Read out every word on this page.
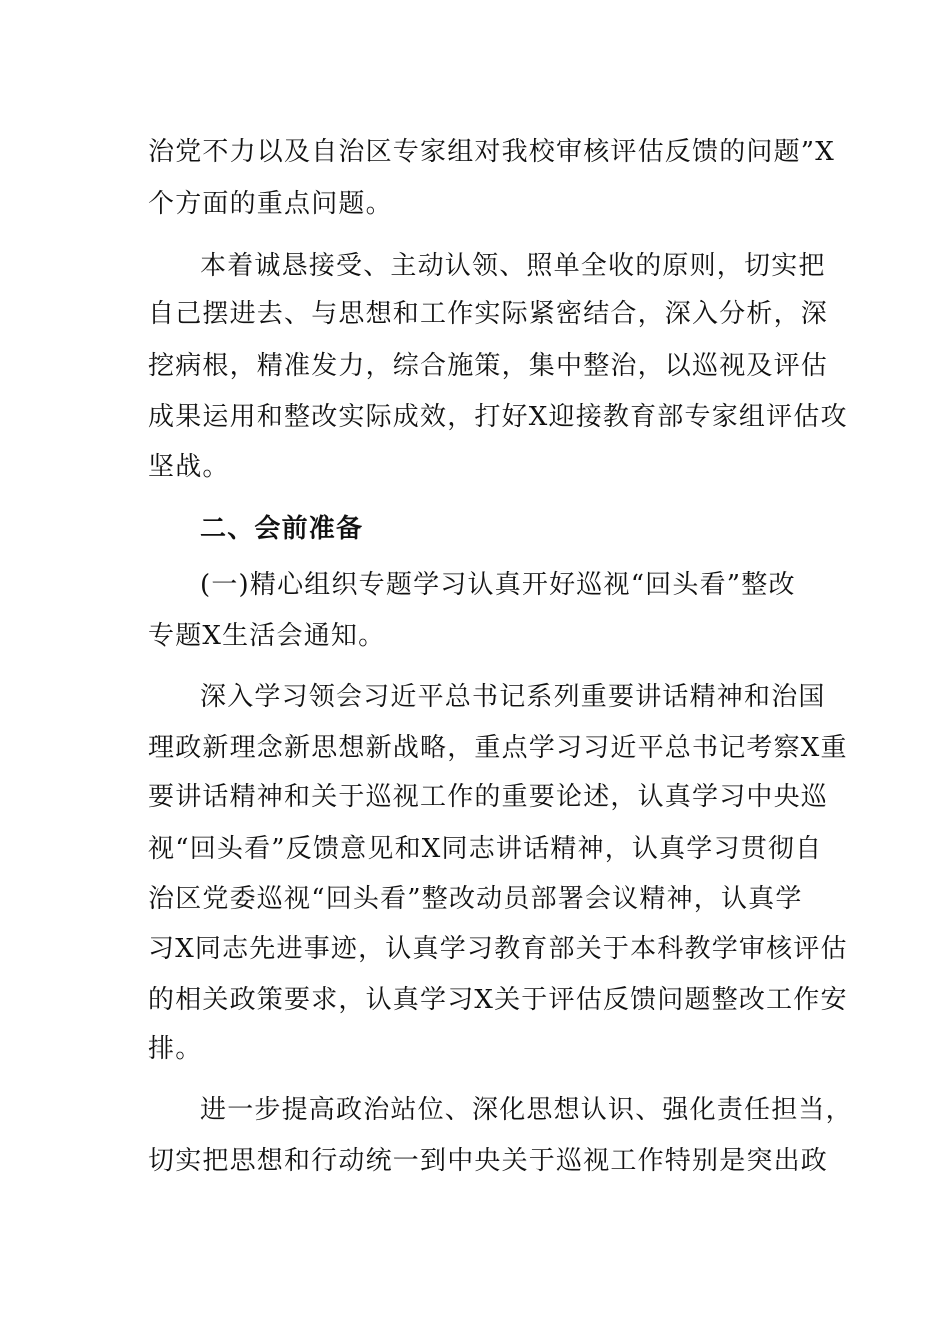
治党不力以及自治区专家组对我校审核评估反馈的问题”X
个方面的重点问题。
本着诚恳接受、主动认领、照单全收的原则，切实把
自己摆进去、与思想和工作实际紧密结合，深入分析，深
挖病根，精准发力，综合施策，集中整治，以巡视及评估
成果运用和整改实际成效，打好X迎接教育部专家组评估攻
坚战。
二、会前准备
(一)精心组织专题学习认真开好巡视“回头看”整改
专题X生活会通知。
深入学习领会习近平总书记系列重要讲话精神和治国
理政新理念新思想新战略，重点学习习近平总书记考察X重
要讲话精神和关于巡视工作的重要论述，认真学习中央巡
视“回头看”反馈意见和X同志讲话精神，认真学习贯彻自
治区党委巡视“回头看”整改动员部署会议精神，认真学
习X同志先进事迹，认真学习教育部关于本科教学审核评估
的相关政策要求，认真学习X关于评估反馈问题整改工作安
排。
进一步提高政治站位、深化思想认识、强化责任担当，
切实把思想和行动统一到中央关于巡视工作特别是突出政
